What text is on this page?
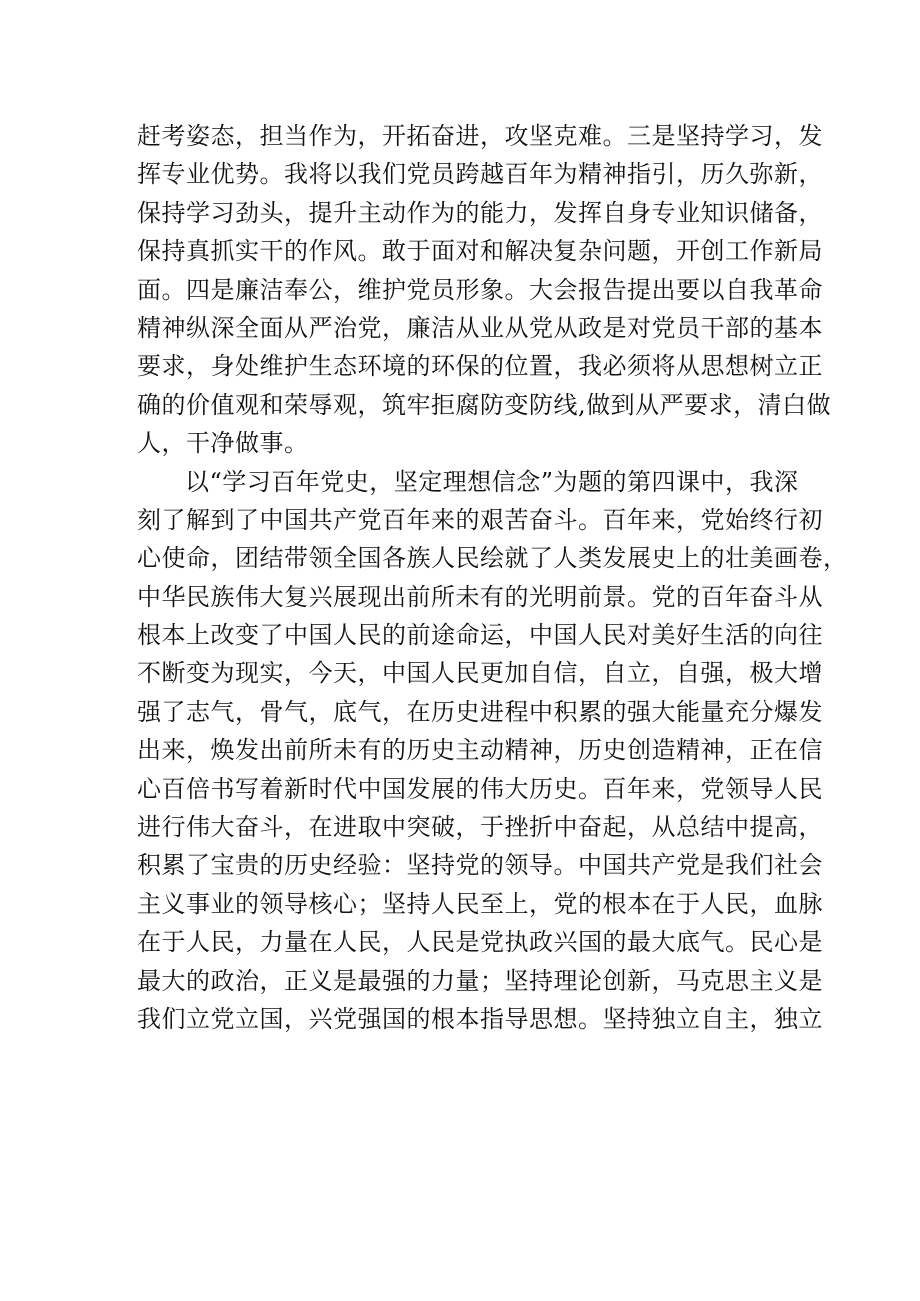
赶考姿态，担当作为，开拓奋进，攻坚克难。三是坚持学习，发
挥专业优势。我将以我们党员跨越百年为精神指引，历久弥新，
保持学习劲头，提升主动作为的能力，发挥自身专业知识储备，
保持真抓实干的作风。敢于面对和解决复杂问题，开创工作新局
面。四是廉洁奉公，维护党员形象。大会报告提出要以自我革命
精神纵深全面从严治党，廉洁从业从党从政是对党员干部的基本
要求，身处维护生态环境的环保的位置，我必须将从思想树立正
确的价值观和荣辱观，筑牢拒腐防变防线,做到从严要求，清白做
人，干净做事。
以“学习百年党史，坚定理想信念”为题的第四课中，我深
刻了解到了中国共产党百年来的艰苦奋斗。百年来，党始终行初
心使命，团结带领全国各族人民绘就了人类发展史上的壮美画卷，
中华民族伟大复兴展现出前所未有的光明前景。党的百年奋斗从
根本上改变了中国人民的前途命运，中国人民对美好生活的向往
不断变为现实，今天，中国人民更加自信，自立，自强，极大增
强了志气，骨气，底气，在历史进程中积累的强大能量充分爆发
出来，焕发出前所未有的历史主动精神，历史创造精神，正在信
心百倍书写着新时代中国发展的伟大历史。百年来，党领导人民
进行伟大奋斗，在进取中突破，于挫折中奋起，从总结中提高，
积累了宝贵的历史经验：坚持党的领导。中国共产党是我们社会
主义事业的领导核心；坚持人民至上，党的根本在于人民，血脉
在于人民，力量在人民，人民是党执政兴国的最大底气。民心是
最大的政治，正义是最强的力量；坚持理论创新，马克思主义是
我们立党立国，兴党强国的根本指导思想。坚持独立自主，独立
